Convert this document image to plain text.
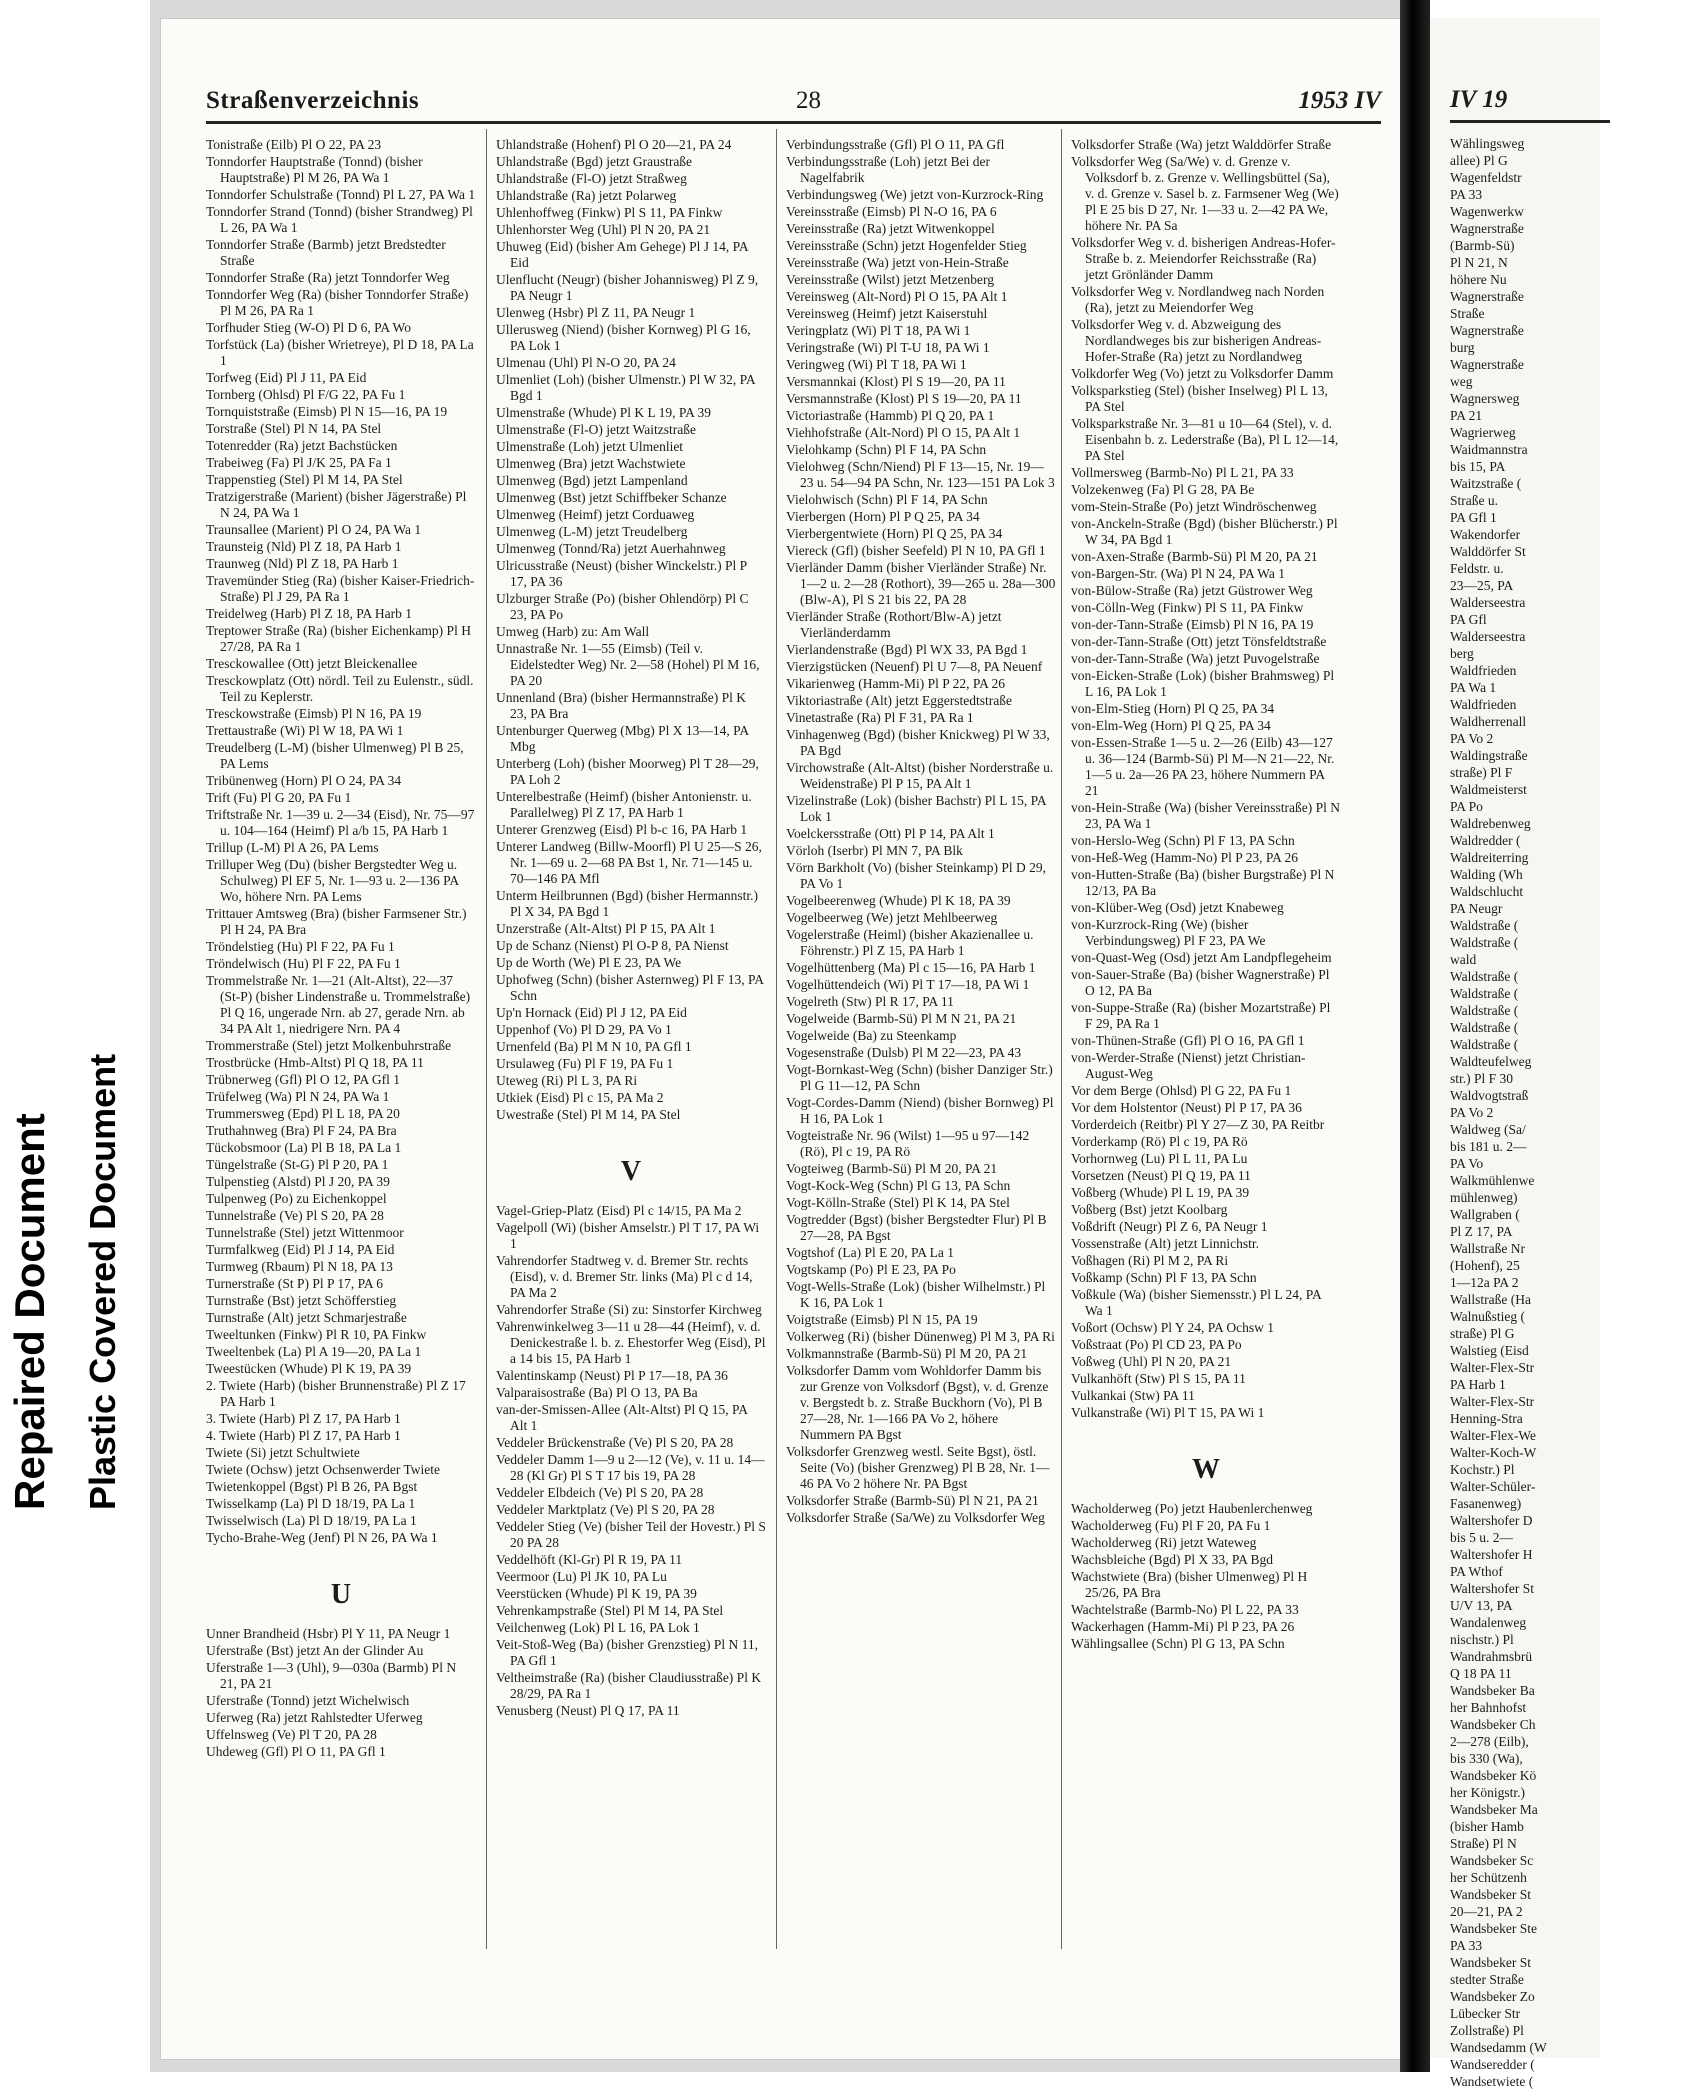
Repaired Document Plastic Covered Document
Straßenverzeichnis	28	1953 IV
Tonistraße (Eilb) Pl O 22, PA 23
Tonndorfer Hauptstraße (Tonnd) (bisher Hauptstraße) Pl M 26, PA Wa 1
Tonndorfer Schulstraße (Tonnd) Pl L 27, PA Wa 1
Tonndorfer Strand (Tonnd) (bisher Strandweg) Pl L 26, PA Wa 1
Tonndorfer Straße (Barmb) jetzt Bredstedter Straße
Tonndorfer Straße (Ra) jetzt Tonndorfer Weg
Tonndorfer Weg (Ra) (bisher Tonndorfer Straße) Pl M 26, PA Ra 1
Torfhuder Stieg (W-O) Pl D 6, PA Wo
Torfstück (La) (bisher Wrietreye), Pl D 18, PA La 1
Torfweg (Eid) Pl J 11, PA Eid
Tornberg (Ohlsd) Pl F/G 22, PA Fu 1
Tornquiststraße (Eimsb) Pl N 15—16, PA 19
Torstraße (Stel) Pl N 14, PA Stel
Totenredder (Ra) jetzt Bachstücken
Trabeiweg (Fa) Pl J/K 25, PA Fa 1
Trappenstieg (Stel) Pl M 14, PA Stel
Tratzigerstraße (Marient) (bisher Jägerstraße) Pl N 24, PA Wa 1
Traunsallee (Marient) Pl O 24, PA Wa 1
Traunsteig (Nld) Pl Z 18, PA Harb 1
Traunweg (Nld) Pl Z 18, PA Harb 1
Travemünder Stieg (Ra) (bisher Kaiser-Friedrich-Straße) Pl J 29, PA Ra 1
Treidelweg (Harb) Pl Z 18, PA Harb 1
Treptower Straße (Ra) (bisher Eichenkamp) Pl H 27/28, PA Ra 1
Tresckowallee (Ott) jetzt Bleickenallee
Tresckowplatz (Ott) nördl. Teil zu Eulenstr., südl. Teil zu Keplerstr.
Tresckowstraße (Eimsb) Pl N 16, PA 19
Trettaustraße (Wi) Pl W 18, PA Wi 1
Treudelberg (L-M) (bisher Ulmenweg) Pl B 25, PA Lems
Tribünenweg (Horn) Pl O 24, PA 34
Trift (Fu) Pl G 20, PA Fu 1
Triftstraße Nr. 1—39 u. 2—34 (Eisd), Nr. 75—97 u. 104—164 (Heimf) Pl a/b 15, PA Harb 1
Trillup (L-M) Pl A 26, PA Lems
Trilluper Weg (Du) (bisher Bergstedter Weg u. Schulweg) Pl EF 5, Nr. 1—93 u. 2—136 PA Wo, höhere Nrn. PA Lems
Trittauer Amtsweg (Bra) (bisher Farmsener Str.) Pl H 24, PA Bra
Tröndelstieg (Hu) Pl F 22, PA Fu 1
Tröndelwisch (Hu) Pl F 22, PA Fu 1
Trommelstraße Nr. 1—21 (Alt-Altst), 22—37 (St-P) (bisher Lindenstraße u. Trommelstraße) Pl Q 16, ungerade Nrn. ab 27, gerade Nrn. ab 34 PA Alt 1, niedrigere Nrn. PA 4
Trommerstraße (Stel) jetzt Molkenbuhrstraße
Trostbrücke (Hmb-Altst) Pl Q 18, PA 11
Trübnerweg (Gfl) Pl O 12, PA Gfl 1
Trüfelweg (Wa) Pl N 24, PA Wa 1
Trummersweg (Epd) Pl L 18, PA 20
Truthahnweg (Bra) Pl F 24, PA Bra
Tückobsmoor (La) Pl B 18, PA La 1
Tüngelstraße (St-G) Pl P 20, PA 1
Tulpenstieg (Alstd) Pl J 20, PA 39
Tulpenweg (Po) zu Eichenkoppel
Tunnelstraße (Ve) Pl S 20, PA 28
Tunnelstraße (Stel) jetzt Wittenmoor
Turmfalkweg (Eid) Pl J 14, PA Eid
Turmweg (Rbaum) Pl N 18, PA 13
Turnerstraße (St P) Pl P 17, PA 6
Turnstraße (Bst) jetzt Schöfferstieg
Turnstraße (Alt) jetzt Schmarjestraße
Tweeltunken (Finkw) Pl R 10, PA Finkw
Tweeltenbek (La) Pl A 19—20, PA La 1
Tweestücken (Whude) Pl K 19, PA 39
2. Twiete (Harb) (bisher Brunnenstraße) Pl Z 17 PA Harb 1
3. Twiete (Harb) Pl Z 17, PA Harb 1
4. Twiete (Harb) Pl Z 17, PA Harb 1
Twiete (Si) jetzt Schultwiete
Twiete (Ochsw) jetzt Ochsenwerder Twiete
Twietenkoppel (Bgst) Pl B 26, PA Bgst
Twisselkamp (La) Pl D 18/19, PA La 1
Twisselwisch (La) Pl D 18/19, PA La 1
Tycho-Brahe-Weg (Jenf) Pl N 26, PA Wa 1
U
Unner Brandheid (Hsbr) Pl Y 11, PA Neugr 1
Uferstraße (Bst) jetzt An der Glinder Au
Uferstraße 1—3 (Uhl), 9—030a (Barmb) Pl N 21, PA 21
Uferstraße (Tonnd) jetzt Wichelwisch
Uferweg (Ra) jetzt Rahlstedter Uferweg
Uffelnsweg (Ve) Pl T 20, PA 28
Uhdeweg (Gfl) Pl O 11, PA Gfl 1
Uhlandstraße (Hohenf) Pl O 20—21, PA 24
Uhlandstraße (Bgd) jetzt Graustraße
Uhlandstraße (Fl-O) jetzt Straßweg
Uhlandstraße (Ra) jetzt Polarweg
Uhlenhoffweg (Finkw) Pl S 11, PA Finkw
Uhlenhorster Weg (Uhl) Pl N 20, PA 21
Uhuweg (Eid) (bisher Am Gehege) Pl J 14, PA Eid
Ulenflucht (Neugr) (bisher Johannisweg) Pl Z 9, PA Neugr 1
Ulenweg (Hsbr) Pl Z 11, PA Neugr 1
Ullerusweg (Niend) (bisher Kornweg) Pl G 16, PA Lok 1
Ulmenau (Uhl) Pl N-O 20, PA 24
Ulmenliet (Loh) (bisher Ulmenstr.) Pl W 32, PA Bgd 1
Ulmenstraße (Whude) Pl K L 19, PA 39
Ulmenstraße (Fl-O) jetzt Waitzstraße
Ulmenstraße (Loh) jetzt Ulmenliet
Ulmenweg (Bra) jetzt Wachstwiete
Ulmenweg (Bgd) jetzt Lampenland
Ulmenweg (Bst) jetzt Schiffbeker Schanze
Ulmenweg (Heimf) jetzt Corduaweg
Ulmenweg (L-M) jetzt Treudelberg
Ulmenweg (Tonnd/Ra) jetzt Auerhahnweg
Ulricusstraße (Neust) (bisher Winckelstr.) Pl P 17, PA 36
Ulzburger Straße (Po) (bisher Ohlendörp) Pl C 23, PA Po
Umweg (Harb) zu: Am Wall
Unnastraße Nr. 1—55 (Eimsb) (Teil v. Eidelstedter Weg) Nr. 2—58 (Hohel) Pl M 16, PA 20
Unnenland (Bra) (bisher Hermannstraße) Pl K 23, PA Bra
Untenburger Querweg (Mbg) Pl X 13—14, PA Mbg
Unterberg (Loh) (bisher Moorweg) Pl T 28—29, PA Loh 2
Unterelbestraße (Heimf) (bisher Antonienstr. u. Parallelweg) Pl Z 17, PA Harb 1
Unterer Grenzweg (Eisd) Pl b-c 16, PA Harb 1
Unterer Landweg (Billw-Moorfl) Pl U 25—S 26, Nr. 1—69 u. 2—68 PA Bst 1, Nr. 71—145 u. 70—146 PA Mfl
Unterm Heilbrunnen (Bgd) (bisher Hermannstr.) Pl X 34, PA Bgd 1
Unzerstraße (Alt-Altst) Pl P 15, PA Alt 1
Up de Schanz (Nienst) Pl O-P 8, PA Nienst
Up de Worth (We) Pl E 23, PA We
Uphofweg (Schn) (bisher Asternweg) Pl F 13, PA Schn
Up'n Hornack (Eid) Pl J 12, PA Eid
Uppenhof (Vo) Pl D 29, PA Vo 1
Urnenfeld (Ba) Pl M N 10, PA Gfl 1
Ursulaweg (Fu) Pl F 19, PA Fu 1
Uteweg (Ri) Pl L 3, PA Ri
Utkiek (Eisd) Pl c 15, PA Ma 2
Uwestraße (Stel) Pl M 14, PA Stel
V
Vagel-Griep-Platz (Eisd) Pl c 14/15, PA Ma 2
Vagelpoll (Wi) (bisher Amselstr.) Pl T 17, PA Wi 1
Vahrendorfer Stadtweg v. d. Bremer Str. rechts (Eisd), v. d. Bremer Str. links (Ma) Pl c d 14, PA Ma 2
Vahrendorfer Straße (Si) zu: Sinstorfer Kirchweg
Vahrenwinkelweg 3—11 u 28—44 (Heimf), v. d. Denickestraße l. b. z. Ehestorfer Weg (Eisd), Pl a 14 bis 15, PA Harb 1
Valentinskamp (Neust) Pl P 17—18, PA 36
Valparaisostraße (Ba) Pl O 13, PA Ba
van-der-Smissen-Allee (Alt-Altst) Pl Q 15, PA Alt 1
Veddeler Brückenstraße (Ve) Pl S 20, PA 28
Veddeler Damm 1—9 u 2—12 (Ve), v. 11 u. 14—28 (Kl Gr) Pl S T 17 bis 19, PA 28
Veddeler Elbdeich (Ve) Pl S 20, PA 28
Veddeler Marktplatz (Ve) Pl S 20, PA 28
Veddeler Stieg (Ve) (bisher Teil der Hovestr.) Pl S 20 PA 28
Veddelhöft (Kl-Gr) Pl R 19, PA 11
Veermoor (Lu) Pl JK 10, PA Lu
Veerstücken (Whude) Pl K 19, PA 39
Vehrenkampstraße (Stel) Pl M 14, PA Stel
Veilchenweg (Lok) Pl L 16, PA Lok 1
Veit-Stoß-Weg (Ba) (bisher Grenzstieg) Pl N 11, PA Gfl 1
Veltheimstraße (Ra) (bisher Claudiusstraße) Pl K 28/29, PA Ra 1
Venusberg (Neust) Pl Q 17, PA 11
Verbindungsstraße (Gfl) Pl O 11, PA Gfl
Verbindungsstraße (Loh) jetzt Bei der Nagelfabrik
Verbindungsweg (We) jetzt von-Kurzrock-Ring
Vereinsstraße (Eimsb) Pl N-O 16, PA 6
Vereinsstraße (Ra) jetzt Witwenkoppel
Vereinsstraße (Schn) jetzt Hogenfelder Stieg
Vereinsstraße (Wa) jetzt von-Hein-Straße
Vereinsstraße (Wilst) jetzt Metzenberg
Vereinsweg (Alt-Nord) Pl O 15, PA Alt 1
Vereinsweg (Heimf) jetzt Kaiserstuhl
Veringplatz (Wi) Pl T 18, PA Wi 1
Veringstraße (Wi) Pl T-U 18, PA Wi 1
Veringweg (Wi) Pl T 18, PA Wi 1
Versmannkai (Klost) Pl S 19—20, PA 11
Versmannstraße (Klost) Pl S 19—20, PA 11
Victoriastraße (Hammb) Pl Q 20, PA 1
Viehhofstraße (Alt-Nord) Pl O 15, PA Alt 1
Vielohkamp (Schn) Pl F 14, PA Schn
Vielohweg (Schn/Niend) Pl F 13—15, Nr. 19—23 u. 54—94 PA Schn, Nr. 123—151 PA Lok 3
Vielohwisch (Schn) Pl F 14, PA Schn
Vierbergen (Horn) Pl P Q 25, PA 34
Vierbergentwiete (Horn) Pl Q 25, PA 34
Viereck (Gfl) (bisher Seefeld) Pl N 10, PA Gfl 1
Vierländer Damm (bisher Vierländer Straße) Nr. 1—2 u. 2—28 (Rothort), 39—265 u. 28a—300 (Blw-A), Pl S 21 bis 22, PA 28
Vierländer Straße (Rothort/Blw-A) jetzt Vierländerdamm
Vierlandenstraße (Bgd) Pl WX 33, PA Bgd 1
Vierzigstücken (Neuenf) Pl U 7—8, PA Neuenf
Vikarienweg (Hamm-Mi) Pl P 22, PA 26
Viktoriastraße (Alt) jetzt Eggerstedtstraße
Vinetastraße (Ra) Pl F 31, PA Ra 1
Vinhagenweg (Bgd) (bisher Knickweg) Pl W 33, PA Bgd
Virchowstraße (Alt-Altst) (bisher Norderstraße u. Weidenstraße) Pl P 15, PA Alt 1
Vizelinstraße (Lok) (bisher Bachstr) Pl L 15, PA Lok 1
Voelckersstraße (Ott) Pl P 14, PA Alt 1
Vörloh (Iserbr) Pl MN 7, PA Blk
Vörn Barkholt (Vo) (bisher Steinkamp) Pl D 29, PA Vo 1
Vogelbeerenweg (Whude) Pl K 18, PA 39
Vogelbeerweg (We) jetzt Mehlbeerweg
Vogelerstraße (Heiml) (bisher Akazienallee u. Föhrenstr.) Pl Z 15, PA Harb 1
Vogelhüttenberg (Ma) Pl c 15—16, PA Harb 1
Vogelhüttendeich (Wi) Pl T 17—18, PA Wi 1
Vogelreth (Stw) Pl R 17, PA 11
Vogelweide (Barmb-Sü) Pl M N 21, PA 21
Vogelweide (Ba) zu Steenkamp
Vogesenstraße (Dulsb) Pl M 22—23, PA 43
Vogt-Bornkast-Weg (Schn) (bisher Danziger Str.) Pl G 11—12, PA Schn
Vogt-Cordes-Damm (Niend) (bisher Bornweg) Pl H 16, PA Lok 1
Vogteistraße Nr. 96 (Wilst) 1—95 u 97—142 (Rö), Pl c 19, PA Rö
Vogteiweg (Barmb-Sü) Pl M 20, PA 21
Vogt-Kock-Weg (Schn) Pl G 13, PA Schn
Vogt-Kölln-Straße (Stel) Pl K 14, PA Stel
Vogtredder (Bgst) (bisher Bergstedter Flur) Pl B 27—28, PA Bgst
Vogtshof (La) Pl E 20, PA La 1
Vogtskamp (Po) Pl E 23, PA Po
Vogt-Wells-Straße (Lok) (bisher Wilhelmstr.) Pl K 16, PA Lok 1
Voigtstraße (Eimsb) Pl N 15, PA 19
Volkerweg (Ri) (bisher Dünenweg) Pl M 3, PA Ri
Volkmannstraße (Barmb-Sü) Pl M 20, PA 21
Volksdorfer Damm vom Wohldorfer Damm bis zur Grenze von Volksdorf (Bgst), v. d. Grenze v. Bergstedt b. z. Straße Buckhorn (Vo), Pl B 27—28, Nr. 1—166 PA Vo 2, höhere Nummern PA Bgst
Volksdorfer Grenzweg westl. Seite Bgst), östl. Seite (Vo) (bisher Grenzweg) Pl B 28, Nr. 1—46 PA Vo 2 höhere Nr. PA Bgst
Volksdorfer Straße (Barmb-Sü) Pl N 21, PA 21
Volksdorfer Straße (Sa/We) zu Volksdorfer Weg
Volksdorfer Straße (Wa) jetzt Walddörfer Straße
Volksdorfer Weg (Sa/We) v. d. Grenze v. Volksdorf b. z. Grenze v. Wellingsbüttel (Sa), v. d. Grenze v. Sasel b. z. Farmsener Weg (We) Pl E 25 bis D 27, Nr. 1—33 u. 2—42 PA We, höhere Nr. PA Sa
Volksdorfer Weg v. d. bisherigen Andreas-Hofer-Straße b. z. Meiendorfer Reichsstraße (Ra) jetzt Grönländer Damm
Volksdorfer Weg v. Nordlandweg nach Norden (Ra), jetzt zu Meiendorfer Weg
Volksdorfer Weg v. d. Abzweigung des Nordlandweges bis zur bisherigen Andreas-Hofer-Straße (Ra) jetzt zu Nordlandweg
Volkdorfer Weg (Vo) jetzt zu Volksdorfer Damm
Volksparkstieg (Stel) (bisher Inselweg) Pl L 13, PA Stel
Volksparkstraße Nr. 3—81 u 10—64 (Stel), v. d. Eisenbahn b. z. Lederstraße (Ba), Pl L 12—14, PA Stel
Vollmersweg (Barmb-No) Pl L 21, PA 33
Volzekenweg (Fa) Pl G 28, PA Be
vom-Stein-Straße (Po) jetzt Windröschenweg
von-Anckeln-Straße (Bgd) (bisher Blücherstr.) Pl W 34, PA Bgd 1
von-Axen-Straße (Barmb-Sü) Pl M 20, PA 21
von-Bargen-Str. (Wa) Pl N 24, PA Wa 1
von-Bülow-Straße (Ra) jetzt Güstrower Weg
von-Cölln-Weg (Finkw) Pl S 11, PA Finkw
von-der-Tann-Straße (Eimsb) Pl N 16, PA 19
von-der-Tann-Straße (Ott) jetzt Tönsfeldtstraße
von-der-Tann-Straße (Wa) jetzt Puvogelstraße
von-Eicken-Straße (Lok) (bisher Brahmsweg) Pl L 16, PA Lok 1
von-Elm-Stieg (Horn) Pl Q 25, PA 34
von-Elm-Weg (Horn) Pl Q 25, PA 34
von-Essen-Straße 1—5 u. 2—26 (Eilb) 43—127 u. 36—124 (Barmb-Sü) Pl M—N 21—22, Nr. 1—5 u. 2a—26 PA 23, höhere Nummern PA 21
von-Hein-Straße (Wa) (bisher Vereinsstraße) Pl N 23, PA Wa 1
von-Herslo-Weg (Schn) Pl F 13, PA Schn
von-Heß-Weg (Hamm-No) Pl P 23, PA 26
von-Hutten-Straße (Ba) (bisher Burgstraße) Pl N 12/13, PA Ba
von-Klüber-Weg (Osd) jetzt Knabeweg
von-Kurzrock-Ring (We) (bisher Verbindungsweg) Pl F 23, PA We
von-Quast-Weg (Osd) jetzt Am Landpflegeheim
von-Sauer-Straße (Ba) (bisher Wagnerstraße) Pl O 12, PA Ba
von-Suppe-Straße (Ra) (bisher Mozartstraße) Pl F 29, PA Ra 1
von-Thünen-Straße (Gfl) Pl O 16, PA Gfl 1
von-Werder-Straße (Nienst) jetzt Christian-August-Weg
Vor dem Berge (Ohlsd) Pl G 22, PA Fu 1
Vor dem Holstentor (Neust) Pl P 17, PA 36
Vorderdeich (Reitbr) Pl Y 27—Z 30, PA Reitbr
Vorderkamp (Rö) Pl c 19, PA Rö
Vorhornweg (Lu) Pl L 11, PA Lu
Vorsetzen (Neust) Pl Q 19, PA 11
Voßberg (Whude) Pl L 19, PA 39
Voßberg (Bst) jetzt Koolbarg
Voßdrift (Neugr) Pl Z 6, PA Neugr 1
Vossenstraße (Alt) jetzt Linnichstr.
Voßhagen (Ri) Pl M 2, PA Ri
Voßkamp (Schn) Pl F 13, PA Schn
Voßkule (Wa) (bisher Siemensstr.) Pl L 24, PA Wa 1
Voßort (Ochsw) Pl Y 24, PA Ochsw 1
Voßstraat (Po) Pl CD 23, PA Po
Voßweg (Uhl) Pl N 20, PA 21
Vulkanhöft (Stw) Pl S 15, PA 11
Vulkankai (Stw) PA 11
Vulkanstraße (Wi) Pl T 15, PA Wi 1
W
Wacholderweg (Po) jetzt Haubenlerchenweg
Wacholderweg (Fu) Pl F 20, PA Fu 1
Wacholderweg (Ri) jetzt Wateweg
Wachsbleiche (Bgd) Pl X 33, PA Bgd
Wachstwiete (Bra) (bisher Ulmenweg) Pl H 25/26, PA Bra
Wachtelstraße (Barmb-No) Pl L 22, PA 33
Wackerhagen (Hamm-Mi) Pl P 23, PA 26
Wählingsallee (Schn) Pl G 13, PA Schn
IV 19
Wählingsweg
allee) Pl G
Wagenfeldstr
PA 33
Wagenwerkw
Wagnerstraße
(Barmb-Sü)
Pl N 21, N
höhere Nu
Wagnerstraße
Straße
Wagnerstraße
burg
Wagnerstraße
weg
Wagnersweg
PA 21
Wagrierweg
Waidmannstra
bis 15, PA
Waitzstraße (
Straße u.
PA Gfl 1
Wakendorfer
Walddörfer St
Feldstr. u.
23—25, PA
Walderseestra
PA Gfl
Walderseestra
berg
Waldfrieden
PA Wa 1
Waldfrieden
Waldherrenall
PA Vo 2
Waldingstraße
straße) Pl F
Waldmeisterst
PA Po
Waldrebenweg
Waldredder (
Waldreiterring
Walding (Wh
Waldschlucht
PA Neugr
Waldstraße (
Waldstraße (
wald
Waldstraße (
Waldstraße (
Waldstraße (
Waldstraße (
Waldstraße (
Waldteufelweg
str.) Pl F 30
Waldvogtstraß
PA Vo 2
Waldweg (Sa/
bis 181 u. 2—
PA Vo
Walkmühlenwe
mühlenweg)
Wallgraben (
Pl Z 17, PA
Wallstraße Nr
(Hohenf), 25
1—12a PA 2
Wallstraße (Ha
Walnußstieg (
straße) Pl G
Walstieg (Eisd
Walter-Flex-Str
PA Harb 1
Walter-Flex-Str
Henning-Stra
Walter-Flex-We
Walter-Koch-W
Kochstr.) Pl
Walter-Schüler-
Fasanenweg)
Waltershofer D
bis 5 u. 2—
Waltershofer H
PA Wthof
Waltershofer St
U/V 13, PA
Wandalenweg
nischstr.) Pl
Wandrahmsbrü
Q 18 PA 11
Wandsbeker Ba
her Bahnhofst
Wandsbeker Ch
2—278 (Eilb),
bis 330 (Wa),
Wandsbeker Kö
her Königstr.)
Wandsbeker Ma
(bisher Hamb
Straße) Pl N
Wandsbeker Sc
her Schützenh
Wandsbeker St
20—21, PA 2
Wandsbeker Ste
PA 33
Wandsbeker St
stedter Straße
Wandsbeker Zo
Lübecker Str
Zollstraße) Pl
Wandsedamm (W
Wandseredder (
Wandsetwiete (
